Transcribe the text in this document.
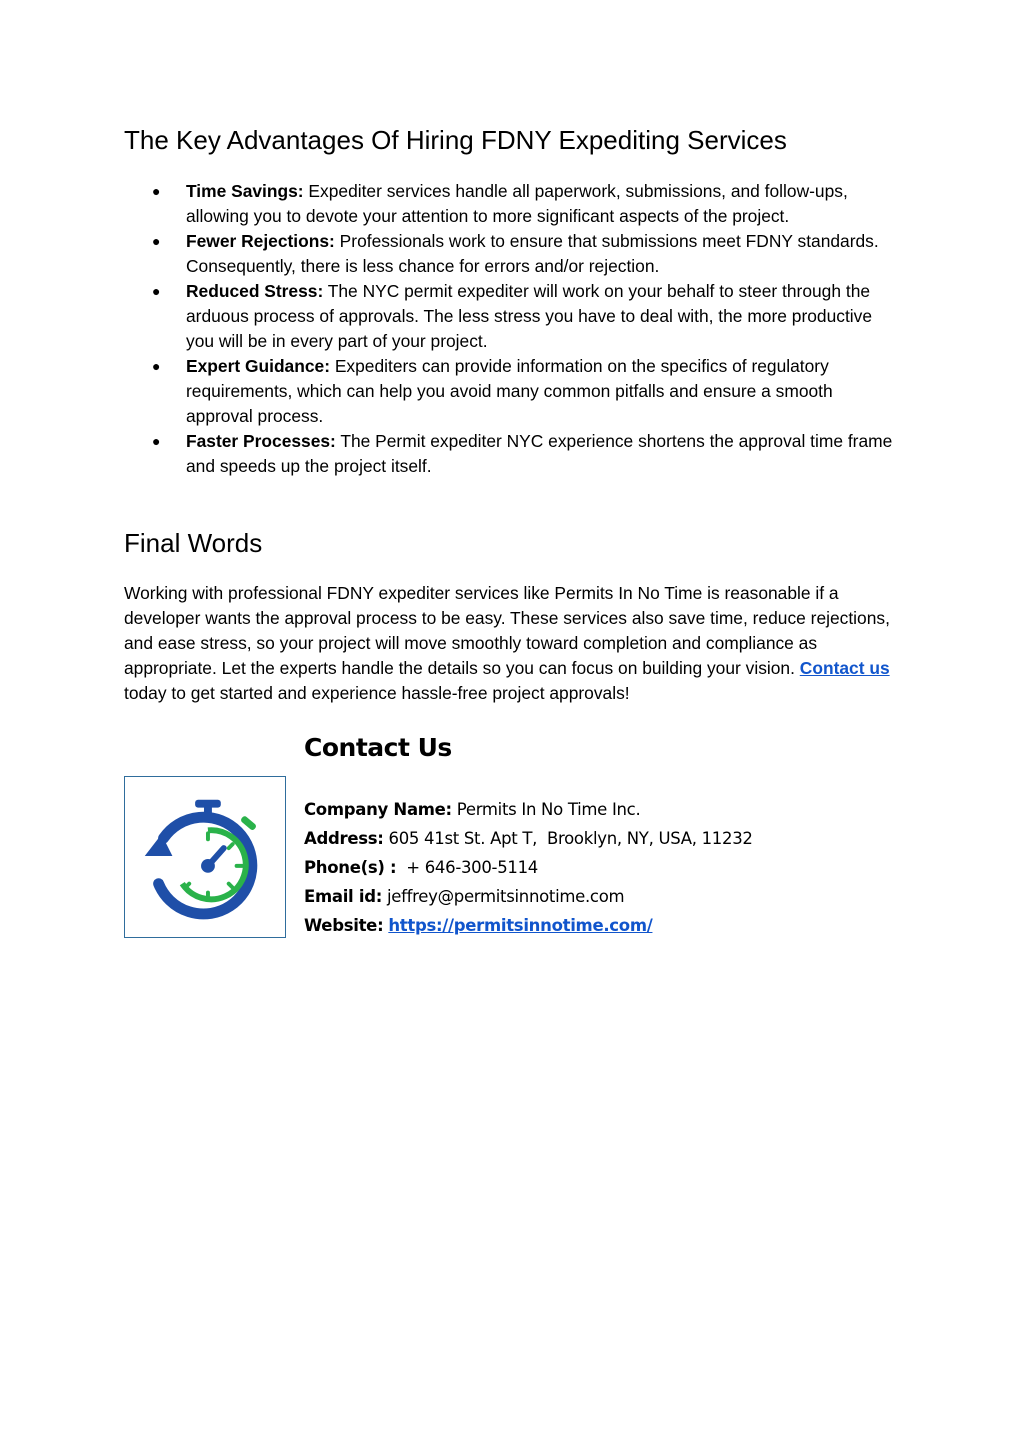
The Key Advantages Of Hiring FDNY Expediting Services
● Time Savings: Expediter services handle all paperwork, submissions, and follow-ups, allowing you to devote your attention to more significant aspects of the project.
● Fewer Rejections: Professionals work to ensure that submissions meet FDNY standards. Consequently, there is less chance for errors and/or rejection.
● Reduced Stress: The NYC permit expediter will work on your behalf to steer through the arduous process of approvals. The less stress you have to deal with, the more productive you will be in every part of your project.
● Expert Guidance: Expediters can provide information on the specifics of regulatory requirements, which can help you avoid many common pitfalls and ensure a smooth approval process.
● Faster Processes: The Permit expediter NYC experience shortens the approval time frame and speeds up the project itself.
Final Words

Working with professional FDNY expediter services like Permits In No Time is reasonable if a developer wants the approval process to be easy. These services also save time, reduce rejections, and ease stress, so your project will move smoothly toward completion and compliance as appropriate. Let the experts handle the details so you can focus on building your vision. Contact us today to get started and experience hassle-free project approvals!

Contact Us
Company Name: Permits In No Time Inc.
Address: 605 41st St. Apt T,  Brooklyn, NY, USA, 11232
Phone(s) :  + 646-300-5114
Email id: jeffrey@permitsinnotime.com
Website: https://permitsinnotime.com/
